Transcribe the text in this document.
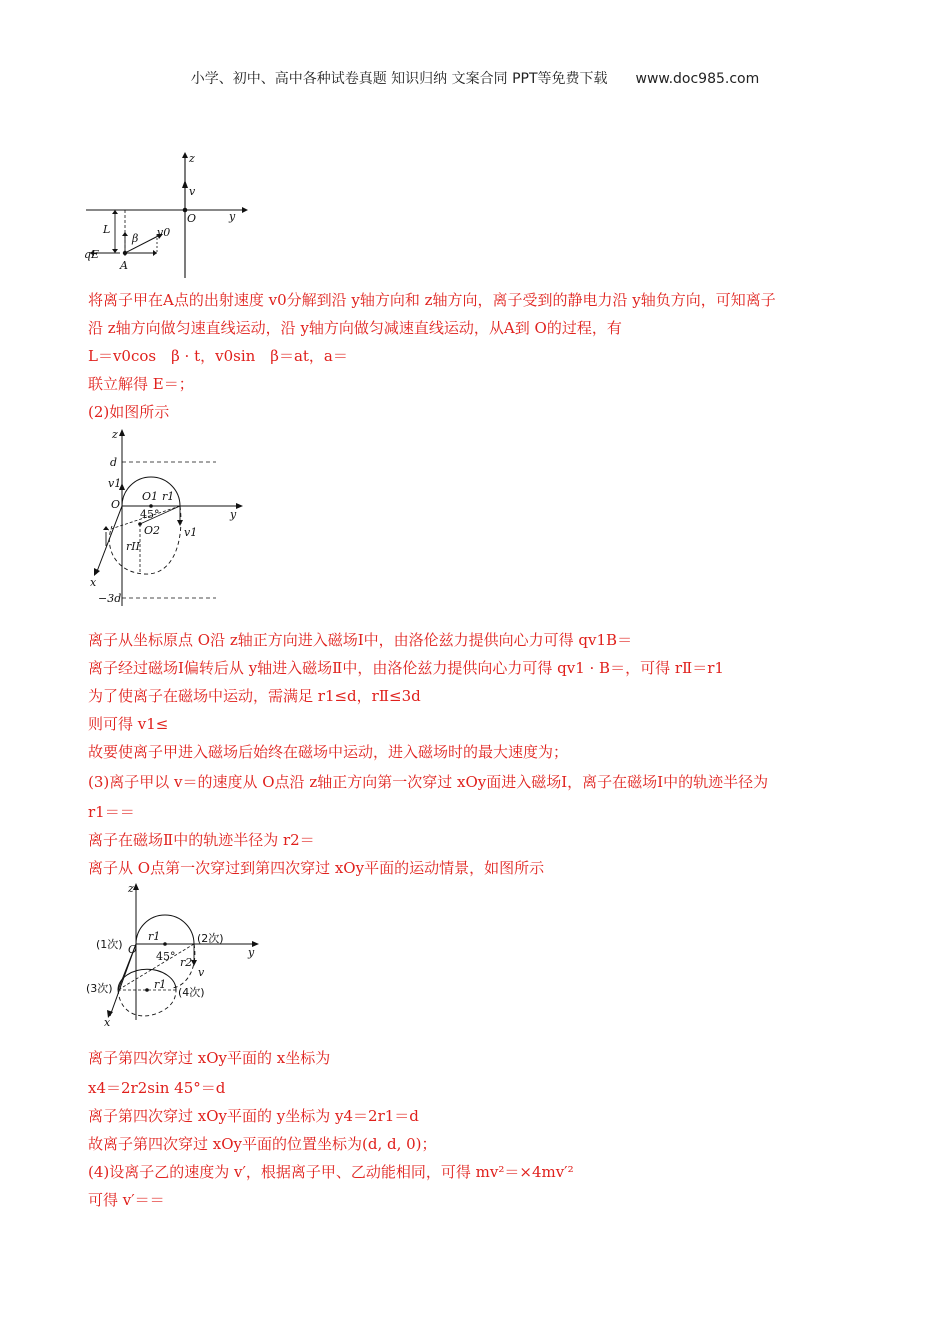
小学、初中、高中各种试卷真题 知识归纳 文案合同 PPT等免费下载 www.doc985.com
z
v
O	y
L
β v0
qE
A
将离子甲在A点的出射速度 v0分解到沿 y轴方向和 z轴方向，离子受到的静电力沿 y轴负方向，可知离子
沿 z轴方向做匀速直线运动，沿 y轴方向做匀减速直线运动，从A到 O的过程，有
L＝v0cos　β · t，v0sin　β＝at，a＝
联立解得 E＝；
(2)如图所示
z
d
v1
O
O1 r1
y
45°
v1
O2
rII
x
−3d
离子从坐标原点 O沿 z轴正方向进入磁场Ⅰ中，由洛伦兹力提供向心力可得 qv1B＝
离子经过磁场Ⅰ偏转后从 y轴进入磁场Ⅱ中，由洛伦兹力提供向心力可得 qv1 · B＝，可得 rⅡ＝r1
为了使离子在磁场中运动，需满足 r1≤d，rⅡ≤3d
则可得 v1≤
故要使离子甲进入磁场后始终在磁场中运动，进入磁场时的最大速度为；
(3)离子甲以 v＝的速度从 O点沿 z轴正方向第一次穿过 xOy面进入磁场Ⅰ，离子在磁场Ⅰ中的轨迹半径为
r1＝＝
离子在磁场Ⅱ中的轨迹半径为 r2＝
离子从 O点第一次穿过到第四次穿过 xOy平面的运动情景，如图所示
z
(1次) O
r1	(2次)
y
45° r2
v
(3次)	r1
(4次)
x
离子第四次穿过 xOy平面的 x坐标为
x4＝2r2sin 45°＝d
离子第四次穿过 xOy平面的 y坐标为 y4＝2r1＝d
故离子第四次穿过 xOy平面的位置坐标为(d, d, 0)；
(4)设离子乙的速度为 v′，根据离子甲、乙动能相同，可得 mv²＝×4mv′²
可得 v′＝＝
